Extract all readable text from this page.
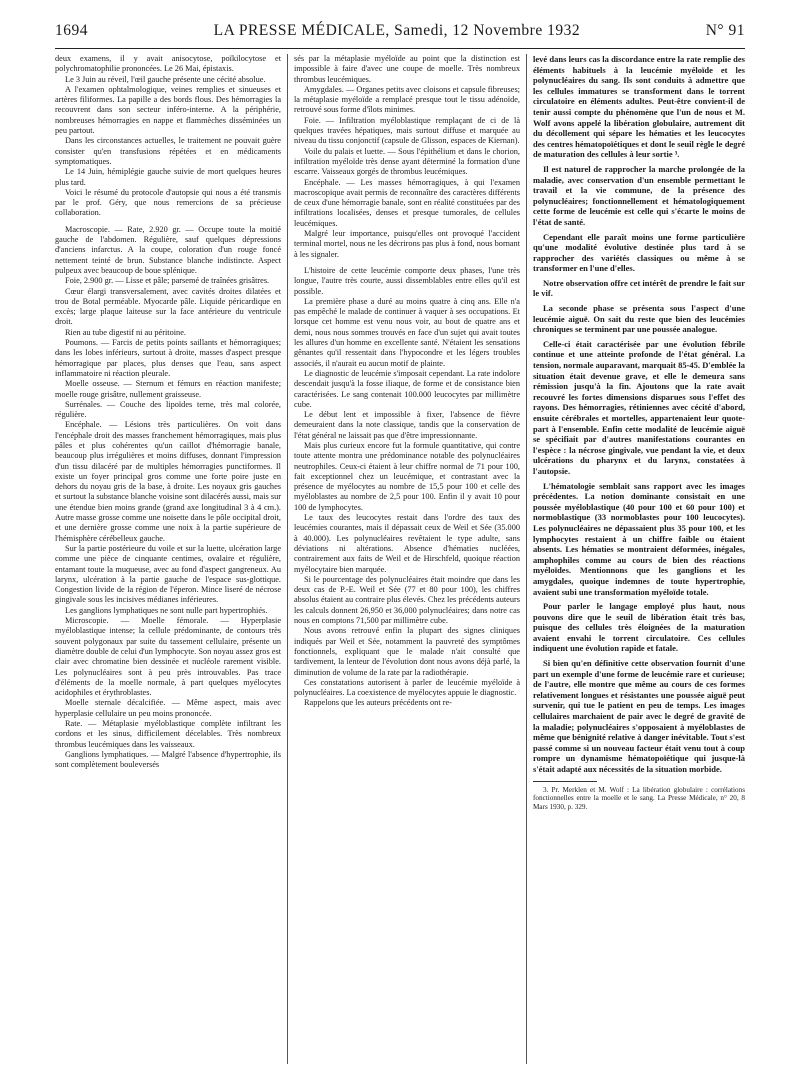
1694	LA PRESSE MÉDICALE, Samedi, 12 Novembre 1932	N° 91

deux examens, il y avait anisocytose, poïkilocytose et polychromatophilie prononcées. Le 26 Mai, épistaxis.

Le 3 Juin au réveil, l'œil gauche présente une cécité absolue.

A l'examen ophtalmologique, veines remplies et sinueuses et artères filiformes. La papille a des bords flous. Des hémorragies la recouvrent dans son secteur inféro-interne. A la périphérie, nombreuses hémorragies en nappe et flammèches disséminées un peu partout.

Dans les circonstances actuelles, le traitement ne pouvait guère consister qu'en transfusions répétées et en médicaments symptomatiques.

Le 14 Juin, hémiplégie gauche suivie de mort quelques heures plus tard.

Voici le résumé du protocole d'autopsie qui nous a été transmis par le prof. Géry, que nous remercions de sa précieuse collaboration.

Macroscopie. — Rate, 2.920 gr. — Occupe toute la moitié gauche de l'abdomen. Régulière, sauf quelques dépressions d'anciens infarctus. A la coupe, coloration d'un rouge foncé nettement teinté de brun. Substance blanche indistincte. Aspect pulpeux avec beaucoup de boue splénique.

Foie, 2.900 gr. — Lisse et pâle; parsemé de traînées grisâtres.

Cœur élargi transversalement, avec cavités droites dilatées et trou de Botal perméable. Myocarde pâle. Liquide péricardique en excès; large plaque laiteuse sur la face antérieure du ventricule droit.

Rien au tube digestif ni au péritoine.

Poumons. — Farcis de petits points saillants et hémorragiques; dans les lobes inférieurs, surtout à droite, masses d'aspect presque hémorragique par places, plus denses que l'eau, sans aspect inflammatoire ni réaction pleurale.

Moelle osseuse. — Sternum et fémurs en réaction manifeste; moelle rouge grisâtre, nullement graisseuse.

Surrénales. — Couche des lipoïdes terne, très mal colorée, régulière.

Encéphale. — Lésions très particulières. On voit dans l'encéphale droit des masses franchement hémorragiques, mais plus pâles et plus cohérentes qu'un caillot d'hémorragie banale, beaucoup plus irrégulières et moins diffuses, donnant l'impression d'un tissu dilacéré par de multiples hémorragies punctiformes. Il existe un foyer principal gros comme une forte poire juste en dehors du noyau gris de la base, à droite. Les noyaux gris gauches et surtout la substance blanche voisine sont dilacérés aussi, mais sur une étendue bien moins grande (grand axe longitudinal 3 à 4 cm.). Autre masse grosse comme une noisette dans le pôle occipital droit, et une dernière grosse comme une noix à la partie supérieure de l'hémisphère cérébelleux gauche.

Sur la partie postérieure du voile et sur la luette, ulcération large comme une pièce de cinquante centimes, ovalaire et régulière, entamant toute la muqueuse, avec au fond d'aspect gangreneux. Au larynx, ulcération à la partie gauche de l'espace sus-glottique. Congestion livide de la région de l'éperon. Mince liseré de nécrose gingivale sous les incisives médianes inférieures.

Les ganglions lymphatiques ne sont nulle part hypertrophiés.

Microscopie. — Moelle fémorale. — Hyperplasie myéloblastique intense; la cellule prédominante, de contours très souvent polygonaux par suite du tassement cellulaire, présente un diamètre double de celui d'un lymphocyte. Son noyau assez gros est clair avec chromatine bien dessinée et nucléole rarement visible. Les polynucléaires sont à peu près introuvables. Pas trace d'éléments de la moelle normale, à part quelques myélocytes acidophiles et érythroblastes.

Moelle sternale décalcifiée. — Même aspect, mais avec hyperplasie cellulaire un peu moins prononcée.

Rate. — Métaplasie myéloblastique complète infiltrant les cordons et les sinus, difficilement décelables. Très nombreux thrombus leucémiques dans les vaisseaux.

Ganglions lymphatiques. — Malgré l'absence d'hypertrophie, ils sont complètement bouleversés

sés par la métaplasie myéloïde au point que la distinction est impossible à faire d'avec une coupe de moelle. Très nombreux thrombus leucémiques.

Amygdales. — Organes petits avec cloisons et capsule fibreuses; la métaplasie myéloïde a remplacé presque tout le tissu adénoïde, retrouvé sous forme d'îlots minimes.

Foie. — Infiltration myéloblastique remplaçant de ci de là quelques travées hépatiques, mais surtout diffuse et marquée au niveau du tissu conjonctif (capsule de Glisson, espaces de Kiernan).

Voile du palais et luette. — Sous l'épithélium et dans le chorion, infiltration myéloïde très dense ayant déterminé la formation d'une escarre. Vaisseaux gorgés de thrombus leucémiques.

Encéphale. — Les masses hémorragiques, à qui l'examen macroscopique avait permis de reconnaître des caractères différents de ceux d'une hémorragie banale, sont en réalité constituées par des infiltrations localisées, denses et presque tumorales, de cellules leucémiques.

Malgré leur importance, puisqu'elles ont provoqué l'accident terminal mortel, nous ne les décrirons pas plus à fond, nous bornant à les signaler.

L'histoire de cette leucémie comporte deux phases, l'une très longue, l'autre très courte, aussi dissemblables entre elles qu'il est possible.

La première phase a duré au moins quatre à cinq ans. Elle n'a pas empêché le malade de continuer à vaquer à ses occupations. Et lorsque cet homme est venu nous voir, au bout de quatre ans et demi, nous nous sommes trouvés en face d'un sujet qui avait toutes les allures d'un homme en excellente santé. N'étaient les sensations gênantes qu'il ressentait dans l'hypocondre et les légers troubles associés, il n'aurait eu aucun motif de plainte.

Le diagnostic de leucémie s'imposait cependant. La rate indolore descendait jusqu'à la fosse iliaque, de forme et de consistance bien caractérisées. Le sang contenait 100.000 leucocytes par millimètre cube.

Le début lent et impossible à fixer, l'absence de fièvre demeuraient dans la note classique, tandis que la conservation de l'état général ne laissait pas que d'être impressionnante.

Mais plus curieux encore fut la formule quantitative, qui contre toute attente montra une prédominance notable des polynucléaires neutrophiles. Ceux-ci étaient à leur chiffre normal de 71 pour 100, fait exceptionnel chez un leucémique, et contrastant avec la présence de myélocytes au nombre de 15,5 pour 100 et celle des myéloblastes au nombre de 2,5 pour 100. Enfin il y avait 10 pour 100 de lymphocytes.

Le taux des leucocytes restait dans l'ordre des taux des leucémies courantes, mais il dépassait ceux de Weil et Sée (35.000 à 40.000). Les polynucléaires revêtaient le type adulte, sans déviations ni altérations. Absence d'hématies nucléées, contrairement aux faits de Weil et de Hirschfeld, quoique réaction myélocytaire bien marquée.

Si le pourcentage des polynucléaires était moindre que dans les deux cas de P.-E. Weil et Sée (77 et 80 pour 100), les chiffres absolus étaient au contraire plus élevés. Chez les précédents auteurs les calculs donnent 26,950 et 36,000 polynucléaires; dans notre cas nous en comptons 71,500 par millimètre cube.

Nous avons retrouvé enfin la plupart des signes cliniques indiqués par Weil et Sée, notamment la pauvreté des symptômes fonctionnels, expliquant que le malade n'ait consulté que tardivement, la lenteur de l'évolution dont nous avons déjà parlé, la diminution de volume de la rate par la radiothérapie.

Ces constatations autorisent à parler de leucémie myéloïde à polynucléaires. La coexistence de myélocytes appuie le diagnostic.

Rappelons que les auteurs précédents ont re-

levé dans leurs cas la discordance entre la rate remplie des éléments habituels à la leucémie myéloïde et les polynucléaires du sang. Ils sont conduits à admettre que les cellules immatures se transforment dans le torrent circulatoire en éléments adultes. Peut-être convient-il de tenir aussi compte du phénomène que l'un de nous et M. Wolf avons appelé la libération globulaire, autrement dit du décollement qui sépare les hématies et les leucocytes des centres hématopoïétiques et dont le seuil règle le degré de maturation des cellules à leur sortie ³.

Il est naturel de rapprocher la marche prolongée de la maladie, avec conservation d'un ensemble permettant le travail et la vie commune, de la présence des polynucléaires; fonctionnellement et hématologiquement cette forme de leucémie est celle qui s'écarte le moins de l'état de santé.

Cependant elle paraît moins une forme particulière qu'une modalité évolutive destinée plus tard à se rapprocher des variétés classiques ou même à se transformer en l'une d'elles.

Notre observation offre cet intérêt de prendre le fait sur le vif.

La seconde phase se présenta sous l'aspect d'une leucémie aiguë. On sait du reste que bien des leucémies chroniques se terminent par une poussée analogue.

Celle-ci était caractérisée par une évolution fébrile continue et une atteinte profonde de l'état général. La tension, normale auparavant, marquait 85-45. D'emblée la situation était devenue grave, et elle le demeura sans rémission jusqu'à la fin. Ajoutons que la rate avait recouvré les fortes dimensions disparues sous l'effet des rayons. Des hémorragies, rétiniennes avec cécité d'abord, ensuite cérébrales et mortelles, appartenaient leur quote-part à l'ensemble. Enfin cette modalité de leucémie aiguë se spécifiait par d'autres manifestations courantes en l'espèce : la nécrose gingivale, vue pendant la vie, et deux ulcérations du pharynx et du larynx, constatées à l'autopsie.

L'hématologie semblait sans rapport avec les images précédentes. La notion dominante consistait en une poussée myéloblastique (40 pour 100 et 60 pour 100) et normoblastique (33 normoblastes pour 100 leucocytes). Les polynucléaires ne dépassaient plus 35 pour 100, et les lymphocytes restaient à un chiffre faible ou étaient absents. Les hématies se montraient déformées, inégales, amphophiles comme au cours de bien des réactions myéloïdes. Mentionnons que les ganglions et les amygdales, quoique indemnes de toute hypertrophie, avaient subi une transformation myéloïde totale.

Pour parler le langage employé plus haut, nous pouvons dire que le seuil de libération était très bas, puisque des cellules très éloignées de la maturation avaient envahi le torrent circulatoire. Ces cellules indiquent une évolution rapide et fatale.

Si bien qu'en définitive cette observation fournit d'une part un exemple d'une forme de leucémie rare et curieuse; de l'autre, elle montre que même au cours de ces formes relativement longues et résistantes une poussée aiguë peut survenir, qui tue le patient en peu de temps. Les images cellulaires marchaient de pair avec le degré de gravité de la maladie; polynucléaires s'opposaient à myéloblastes de même que bénignité relative à danger inévitable. Tout s'est passé comme si un nouveau facteur était venu tout à coup rompre un dynamisme hématopoïétique qui jusque-là s'était adapté aux nécessités de la situation morbide.

3. Pr. Merklen et M. Wolf : La libération globulaire : corrélations fonctionnelles entre la moelle et le sang. La Presse Médicale, n° 20, 8 Mars 1930, p. 329.
